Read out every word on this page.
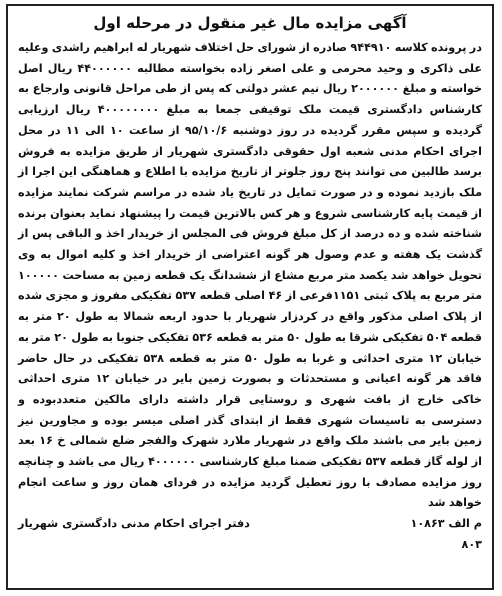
آگهی مزایده مال غیر منقول در مرحله اول

در پرونده کلاسه ۹۴۴۹۱۰ صادره از شورای حل اختلاف شهریار له ابراهیم راشدی وعلیه علی ذاکری و وحید محرمی و علی اصغر زاده بخواسته مطالبه ۴۴۰۰۰۰۰۰ ریال اصل خواسته و مبلغ ۲۰۰۰۰۰۰ ریال نیم عشر دولتی که پس از طی مراحل قانونی وارجاع به کارشناس دادگستری قیمت ملک توقیفی جمعا به مبلغ ۴۰۰۰۰۰۰۰۰ ریال ارزیابی گردیده و سپس مقرر گردیده در روز دوشنبه ۹۵/۱۰/۶ از ساعت ۱۰ الی ۱۱ در محل اجرای احکام مدنی شعبه اول حقوقی دادگستری شهریار از طریق مزایده به فروش برسد طالبین می توانند پنج روز جلوتر از تاریخ مزایده با اطلاع و هماهنگی این اجرا از ملک بازدید نموده و در صورت تمایل در تاریخ یاد شده در مراسم شرکت نمایند مزایده از قیمت پایه کارشناسی شروع و هر کس بالاترین قیمت را پیشنهاد نماید بعنوان برنده شناخته شده و ده درصد از کل مبلغ فروش فی المجلس از خریدار اخذ و الباقی پس از گذشت یک هفته و عدم وصول هر گونه اعتراضی از خریدار اخذ و کلیه اموال به وی تحویل خواهد شد یکصد متر مربع مشاع از ششدانگ یک قطعه زمین به مساحت ۱۰۰۰۰۰ متر مربع به پلاک ثبتی ۱۱۵۱فرعی از ۴۶ اصلی قطعه ۵۳۷ تفکیکی مفروز و مجزی شده از پلاک اصلی مذکور واقع در کردزار شهریار با حدود اربعه شمالا به طول ۲۰ متر به قطعه ۵۰۴ تفکیکی شرقا به طول ۵۰ متر به قطعه ۵۳۶ تفکیکی جنوبا به طول ۲۰ متر به خیابان ۱۲ متری احداثی و غربا به طول ۵۰ متر به قطعه ۵۳۸ تفکیکی در حال حاضر فاقد هر گونه اعیانی و مستحدثات و بصورت زمین بایر در خیابان ۱۲ متری احداثی خاکی خارج از بافت شهری و روستایی قرار داشته دارای مالکین متعددبوده و دسترسی به تاسیسات شهری فقط از ابتدای گذر اصلی میسر بوده و مجاورین نیز زمین بایر می باشند ملک واقع در شهریار ملارد شهرک والفجر ضلع شمالی خ ۱۶ بعد از لوله گاز قطعه ۵۳۷ تفکیکی ضمنا مبلغ کارشناسی ۴۰۰۰۰۰۰ ریال می باشد و چنانچه روز مزایده مصادف با روز تعطیل گردید مزایده در فردای همان روز و ساعت انجام خواهد شد

م الف ۱۰۸۶۳
دفتر اجرای احکام مدنی دادگستری شهریار
۸۰۳
